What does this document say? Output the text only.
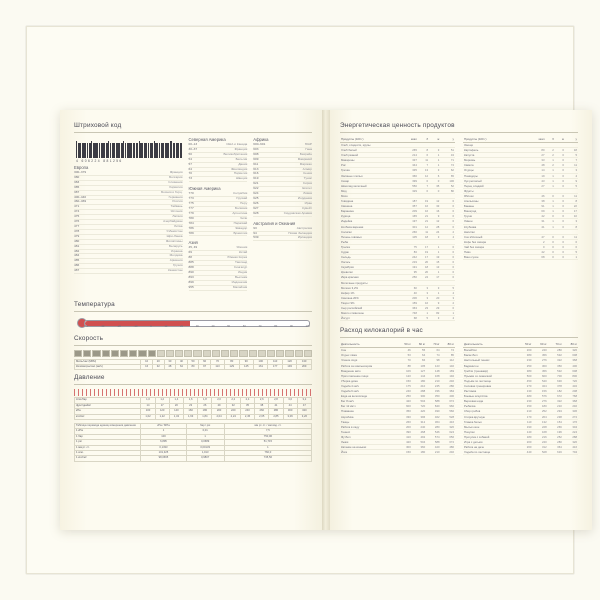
Штриховой код
4 606224 881256
Европа
300–379	Франция
380	Болгария
383	Словения
385	Хорватия
387	Босния и Герц.
400–440	Германия
460–469	Россия
471	Тайвань
474	Эстония
475	Латвия
476	Азербайджан
477	Литва
478	Узбекистан
479	Шри-Ланка
480	Филиппины
481	Беларусь
482	Украина
484	Молдова
485	Армения
486	Грузия
487	Казахстан
Северная Америка
00–13	США и Канада
30–37	Франция
50	Великобритания
54	Бельгия
57	Дания
64	Финляндия
70	Норвегия
73	Швеция
Южная Америка
770	Колумбия
773	Уругвай
775	Перу
777	Боливия
779	Аргентина
780	Чили
784	Парагвай
786	Эквадор
789	Бразилия
Азия
45, 49	Япония
69	Китай
88	Южная Корея
885	Таиланд
888	Сингапур
890	Индия
893	Вьетнам
899	Индонезия
955	Малайзия
Африка
600–601	ЮАР
603	Гана
608	Бахрейн
609	Маврикий
611	Марокко
613	Алжир
616	Кения
619	Тунис
621	Сирия
622	Египет
624	Ливия
625	Иордания
626	Иран
627	Кувейт
628	Саудовская Аравия
Австралия и Океания
93	Австралия
94	Новая Зеландия
539	Ирландия
Температура
-40	-30	-20	-10	0	10	20	30	40	50	60	70	80	90	100
Скорость
Миль/час (МРН)	10	20	30	40	50	60	70	80	90	100	110	120	130
Километры/час (км/ч)	16	32	48	64	80	97	113	129	145	161	177	193	209
Давление
Атм./бар	1,0	1,2	1,4	1,6	1,8	2,0	2,2	2,4	2,6	2,8	3,0	3,2
фунт/дюйм²	14	17	20	23	26	29	32	35	38	41	44	47
кПа	100	120	140	160	180	200	220	240	260	280	300	320
кгс/см²	1,02	1,22	1,43	1,63	1,84	2,04	2,24	2,45	2,65	2,85	3,06	3,26
Таблица перевода единиц измерения давления	кПа / МПа	бар / psi	мм рт. ст. / мм вод. ст.
1 кПа	1	0,01	7,5
1 бар	100	1	750,06
1 psi	6,895	0,0689	51,715
1 мм рт. ст.	0,1333	0,00133	1
1 атм.	101,325	1,013	760,0
1 кгс/см²	98,0665	0,9807	735,56
Энергетическая ценность продуктов
Продукты (100 г)	ккал	б	ж	у
Хлеб, сладости, крупы				
Хлеб белый	265	8	3	51
Хлеб ржаной	214	6	1	43
Макароны	337	11	1	71
Рис	344	7	1	74
Гречка	335	13	3	62
Овсяные хлопья	366	12	6	65
Сахар	399	0	0	100
Шоколад молочный	550	7	35	52
Мёд	329	0	0	80
Мясо				
Говядина	187	19	12	0
Свинина	357	16	33	0
Баранина	209	16	16	0
Курица	165	21	9	0
Индейка	197	21	12	0
Колбаса вареная	301	12	28	0
Сосиски	266	11	24	2
Печень говяжья	105	18	3	4
Рыба				
Треска	75	17	1	0
Судак	83	19	1	0
Сельдь	242	17	19	0
Лосось	219	20	15	0
Скумбрия	191	18	13	0
Креветки	95	20	1	0
Икра красная	250	24	17	0
Молочные продукты				
Молоко 3,2%	60	3	3	5
Кефир 1%	40	3	1	4
Сметана 20%	206	3	20	3
Творог 9%	159	16	9	2
Сыр российский	363	23	29	0
Масло сливочное	748	1	82	1
Йогурт	68	5	3	4
Продукты (100 г)	ккал	б	ж	у
Овощи				
Картофель	80	2	0	18
Капуста	27	2	0	5
Морковь	33	1	0	7
Свёкла	48	2	0	11
Огурцы	14	1	0	3
Помидоры	19	1	0	4
Лук репчатый	43	1	0	9
Перец сладкий	27	1	0	5
Фрукты				
Яблоки	46	0	0	11
Апельсины	38	1	0	8
Бананы	91	1	0	22
Виноград	69	1	0	17
Груши	42	0	0	10
Лимон	31	1	0	3
Клубника	41	1	0	8
Напитки				
Сок яблочный	47	0	0	11
Кофе без сахара	2	0	0	0
Чай без сахара	0	0	0	0
Пиво	42	0	0	5
Вино сухое	68	0	0	1
Расход килокалорий в час
Деятельность	50 кг	60 кг	70 кг	80 кг
Сон	46	55	64	74
Отдых лёжа	53	64	74	85
Чтение сидя	70	84	98	112
Работа за компьютером	88	105	123	140
Вождение авто	106	127	148	169
Приготовление пищи	120	144	168	192
Уборка дома	150	180	210	240
Ходьба 4 км/ч	175	210	245	280
Ходьба 6 км/ч	240	288	336	384
Езда на велосипеде	250	300	350	400
Бег 8 км/ч	420	504	588	672
Бег 12 км/ч	600	720	840	960
Плавание	350	420	490	560
Аэробика	330	396	462	528
Танцы	260	312	364	416
Работа в саду	200	240	280	320
Теннис	390	468	546	624
Футбол	410	492	574	656
Лыжи	420	504	588	672
Катание на коньках	300	360	420	480
Йога	150	180	210	240
Деятельность	50 кг	60 кг	70 кг	80 кг
Волейбол	200	240	280	320
Баскетбол	380	456	532	608
Настольный теннис	230	276	322	368
Бадминтон	250	300	350	400
Гребля (тренажёр)	380	456	532	608
Прыжки со скакалкой	500	600	700	800
Подъём по лестнице	450	540	630	720
Силовая тренировка	270	324	378	432
Растяжка	130	156	182	208
Боевые искусства	480	576	672	768
Верховая езда	230	276	322	368
Рыбалка	150	180	210	240
Сбор грибов	210	252	294	336
Стирка вручную	170	204	238	272
Глажка белья	110	132	154	176
Мытьё окон	190	228	266	304
Покупки	140	168	196	224
Прогулка с собакой	180	216	252	288
Игра с детьми	200	240	280	320
Работа на даче	260	312	364	416
Ходьба по лестнице	440	528	616	704
